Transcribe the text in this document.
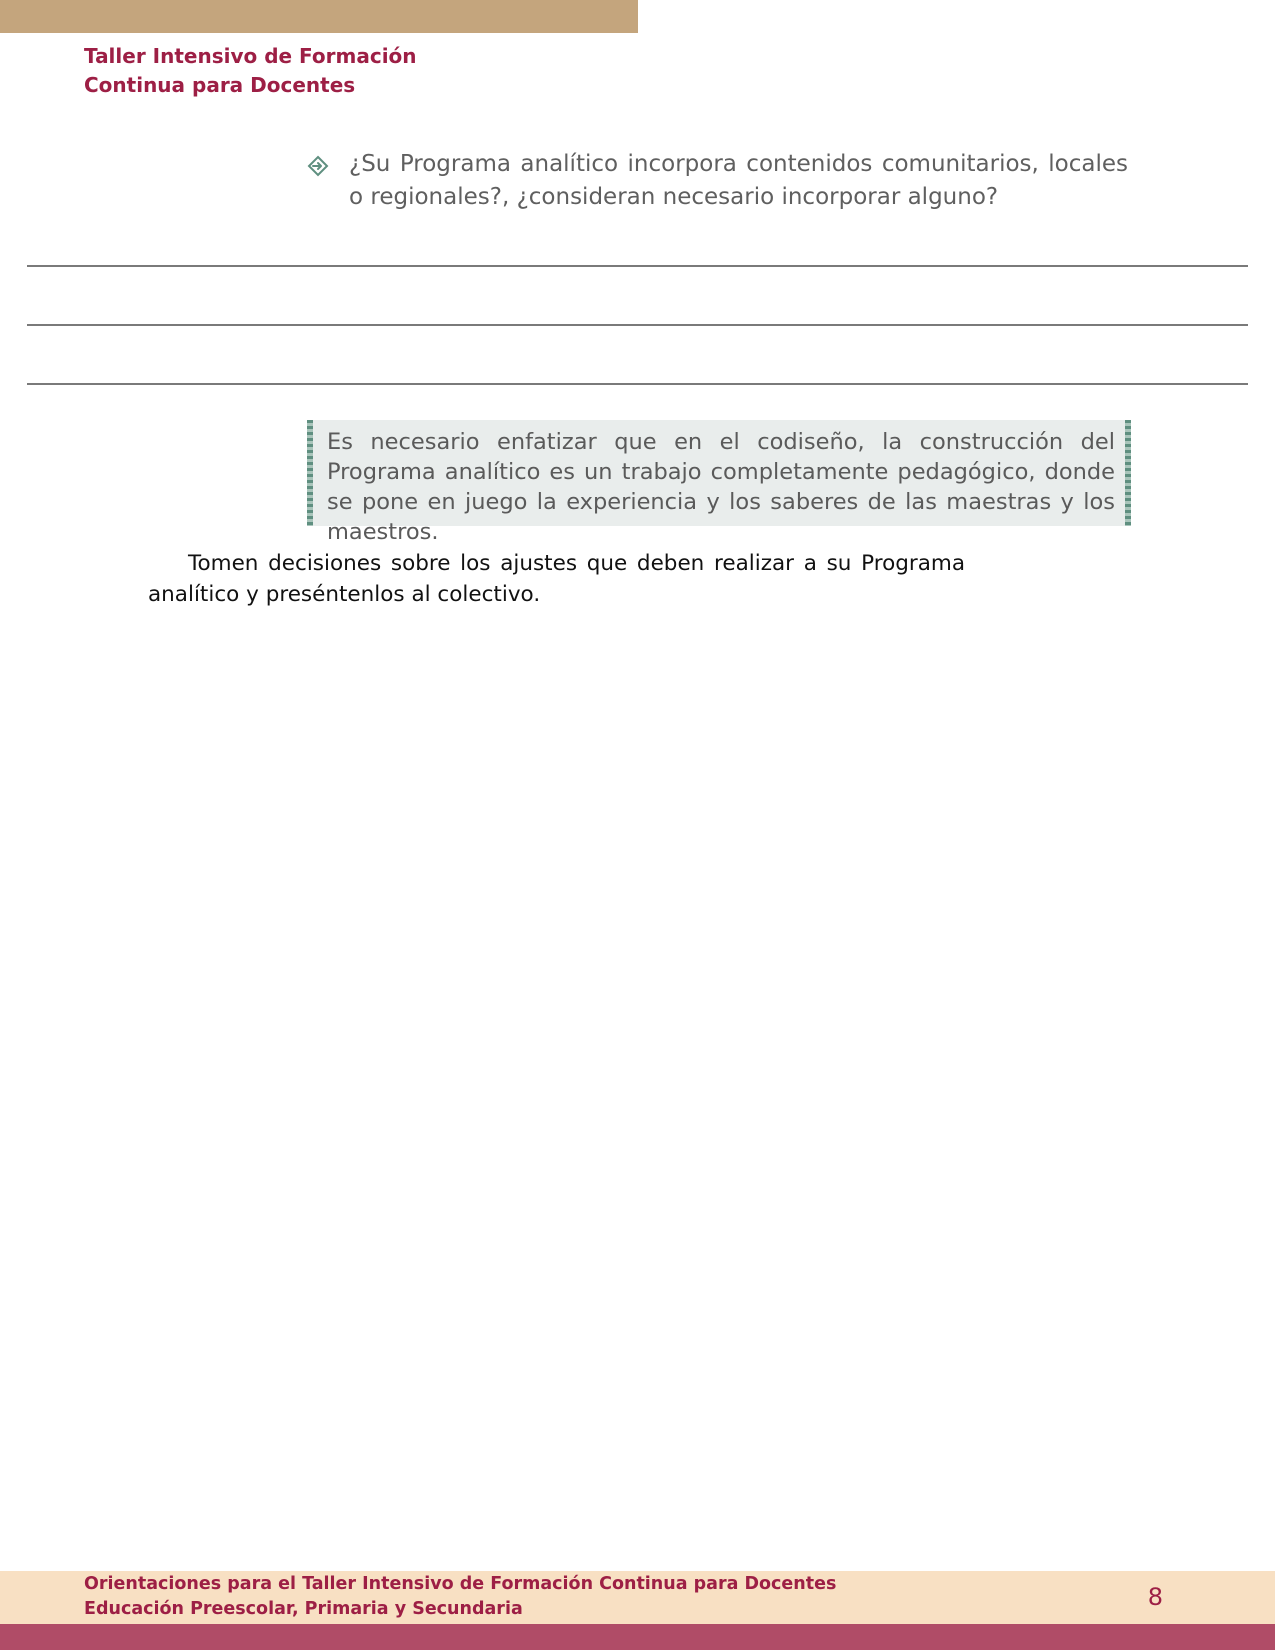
Taller Intensivo de Formación
Continua para Docentes
¿Su Programa analítico incorpora contenidos comunitarios, locales o regionales?, ¿consideran necesario incorporar alguno?
Es necesario enfatizar que en el codiseño, la construcción del Programa analítico es un trabajo completamente pedagógico, donde se pone en juego la experiencia y los saberes de las maestras y los maestros.
Tomen decisiones sobre los ajustes que deben realizar a su Programa analítico y preséntenlos al colectivo.
Orientaciones para el Taller Intensivo de Formación Continua para Docentes
Educación Preescolar, Primaria y Secundaria	8
